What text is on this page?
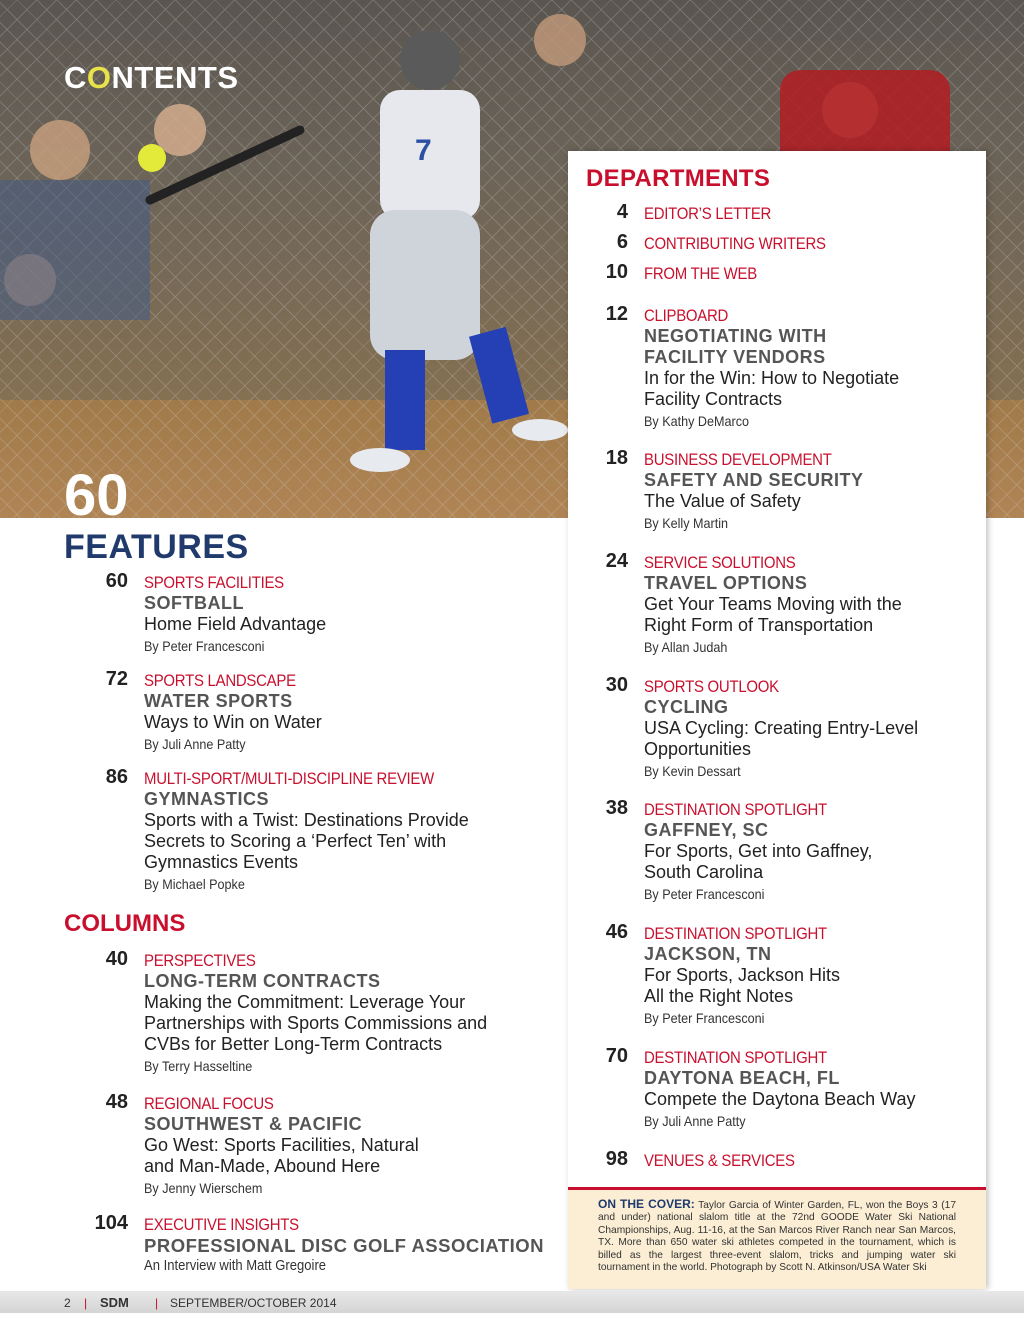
7
CONTENTS
60
FEATURES
60 SPORTS FACILITIES
SOFTBALL
Home Field Advantage
By Peter Francesconi
72 SPORTS LANDSCAPE
WATER SPORTS
Ways to Win on Water
By Juli Anne Patty
86 MULTI-SPORT/MULTI-DISCIPLINE REVIEW
GYMNASTICS
Sports with a Twist: Destinations Provide Secrets to Scoring a ‘Perfect Ten’ with Gymnastics Events
By Michael Popke
COLUMNS
40 PERSPECTIVES
LONG-TERM CONTRACTS
Making the Commitment: Leverage Your Partnerships with Sports Commissions and CVBs for Better Long-Term Contracts
By Terry Hasseltine
48 REGIONAL FOCUS
SOUTHWEST & PACIFIC
Go West: Sports Facilities, Natural and Man-Made, Abound Here
By Jenny Wierschem
104 EXECUTIVE INSIGHTS
PROFESSIONAL DISC GOLF ASSOCIATION
An Interview with Matt Gregoire
DEPARTMENTS
4 EDITOR’S LETTER
6 CONTRIBUTING WRITERS
10 FROM THE WEB
12 CLIPBOARD
NEGOTIATING WITH FACILITY VENDORS
In for the Win: How to Negotiate Facility Contracts
By Kathy DeMarco
18 BUSINESS DEVELOPMENT
SAFETY AND SECURITY
The Value of Safety
By Kelly Martin
24 SERVICE SOLUTIONS
TRAVEL OPTIONS
Get Your Teams Moving with the Right Form of Transportation
By Allan Judah
30 SPORTS OUTLOOK
CYCLING
USA Cycling: Creating Entry-Level Opportunities
By Kevin Dessart
38 DESTINATION SPOTLIGHT
GAFFNEY, SC
For Sports, Get into Gaffney, South Carolina
By Peter Francesconi
46 DESTINATION SPOTLIGHT
JACKSON, TN
For Sports, Jackson Hits All the Right Notes
By Peter Francesconi
70 DESTINATION SPOTLIGHT
DAYTONA BEACH, FL
Compete the Daytona Beach Way
By Juli Anne Patty
98 VENUES & SERVICES
ON THE COVER: Taylor Garcia of Winter Garden, FL, won the Boys 3 (17 and under) national slalom title at the 72nd GOODE Water Ski National Championships, Aug. 11-16, at the San Marcos River Ranch near San Marcos, TX. More than 650 water ski athletes competed in the tournament, which is billed as the largest three-event slalom, tricks and jumping water ski tournament in the world. Photograph by Scott N. Atkinson/USA Water Ski
2 | SDM | SEPTEMBER/OCTOBER 2014
